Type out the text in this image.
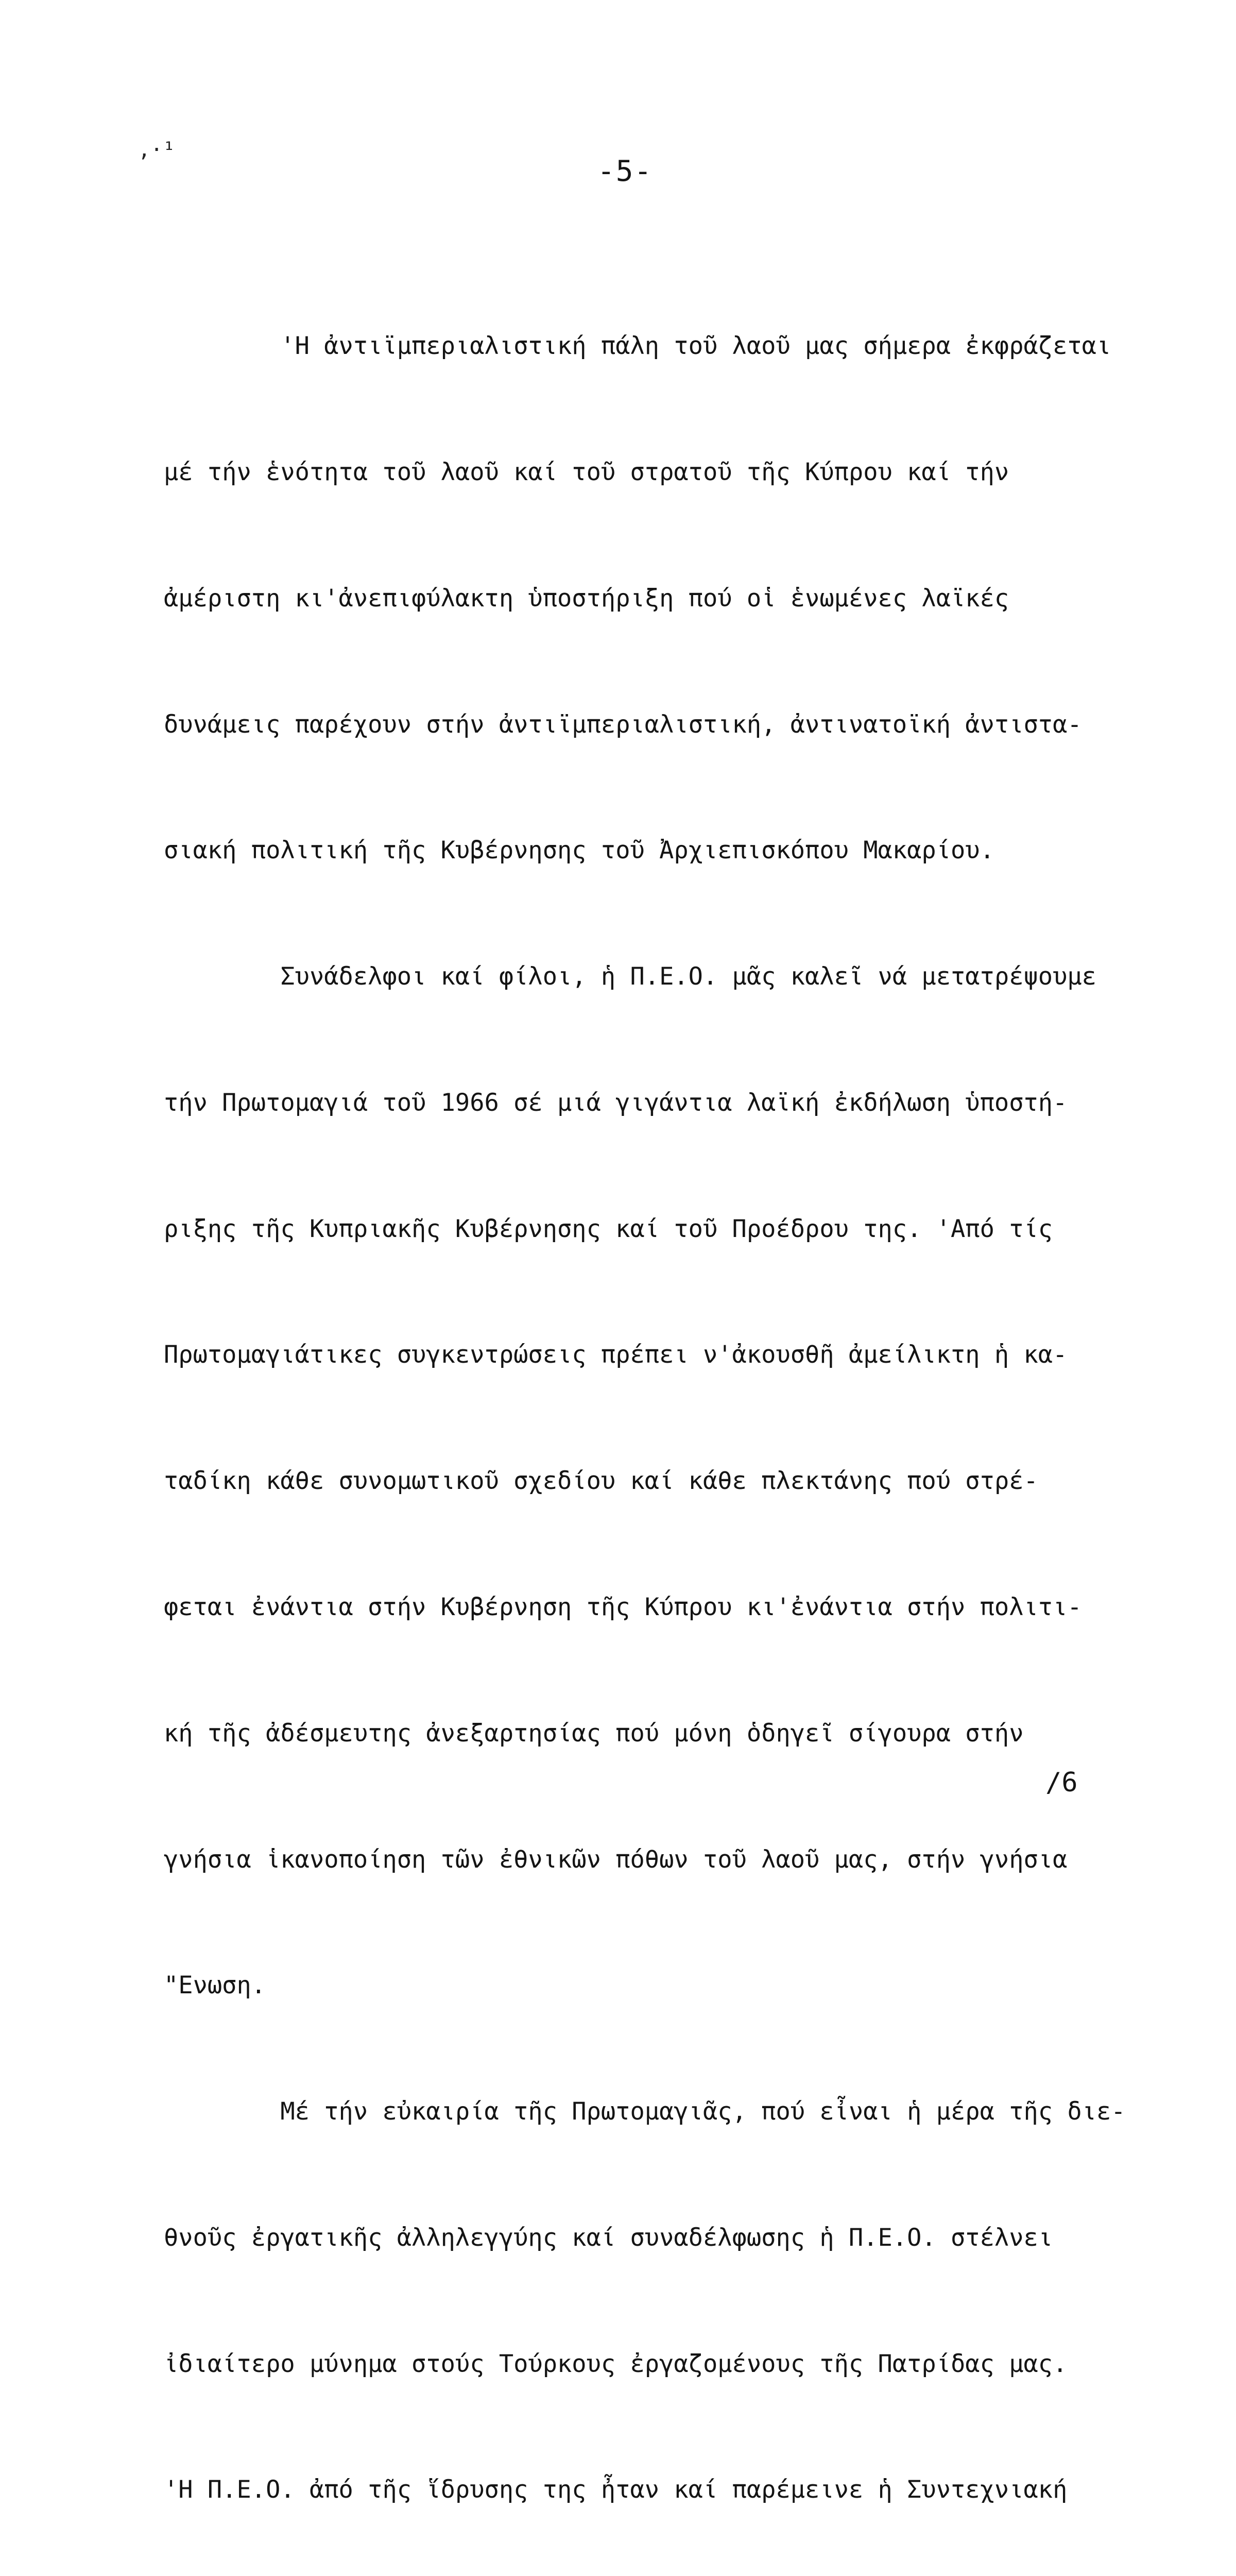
,·¹
-5-

'Η ἀντιϊμπεριαλιστική πάλη τοῦ λαοῦ μας σήμερα ἐκφράζεται

μέ τήν ἑνότητα τοῦ λαοῦ καί τοῦ στρατοῦ τῆς Κύπρου καί τήν

ἀμέριστη κι'ἀνεπιφύλακτη ὑποστήριξη πού οἱ ἑνωμένες λαϊκές

δυνάμεις παρέχουν στήν ἀντιϊμπεριαλιστική, ἀντινατοϊκή ἀντιστα-

σιακή πολιτική τῆς Κυβέρνησης τοῦ Ἀρχιεπισκόπου Μακαρίου.

Συνάδελφοι καί φίλοι, ἡ Π.Ε.Ο. μᾶς καλεῖ νά μετατρέψουμε

τήν Πρωτομαγιά τοῦ 1966 σέ μιά γιγάντια λαϊκή ἐκδήλωση ὑποστή-

ριξης τῆς Κυπριακῆς Κυβέρνησης καί τοῦ Προέδρου της. 'Από τίς

Πρωτομαγιάτικες συγκεντρώσεις πρέπει ν'ἀκουσθῆ ἀμείλικτη ἡ κα-

ταδίκη κάθε συνομωτικοῦ σχεδίου καί κάθε πλεκτάνης πού στρέ-

φεται ἐνάντια στήν Κυβέρνηση τῆς Κύπρου κι'ἐνάντια στήν πολιτι-

κή τῆς ἀδέσμευτης ἀνεξαρτησίας πού μόνη ὁδηγεῖ σίγουρα στήν

γνήσια ἱκανοποίηση τῶν ἐθνικῶν πόθων τοῦ λαοῦ μας, στήν γνήσια

"Ενωση.

Μέ τήν εὐκαιρία τῆς Πρωτομαγιᾶς, πού εἶναι ἡ μέρα τῆς διε-

θνοῦς ἐργατικῆς ἀλληλεγγύης καί συναδέλφωσης ἡ Π.Ε.Ο. στέλνει

ἰδιαίτερο μύνημα στούς Τούρκους ἐργαζομένους τῆς Πατρίδας μας.

'Η Π.Ε.Ο. ἀπό τῆς ἵδρυσης της ἦταν καί παρέμεινε ἡ Συντεχνιακή

/6
